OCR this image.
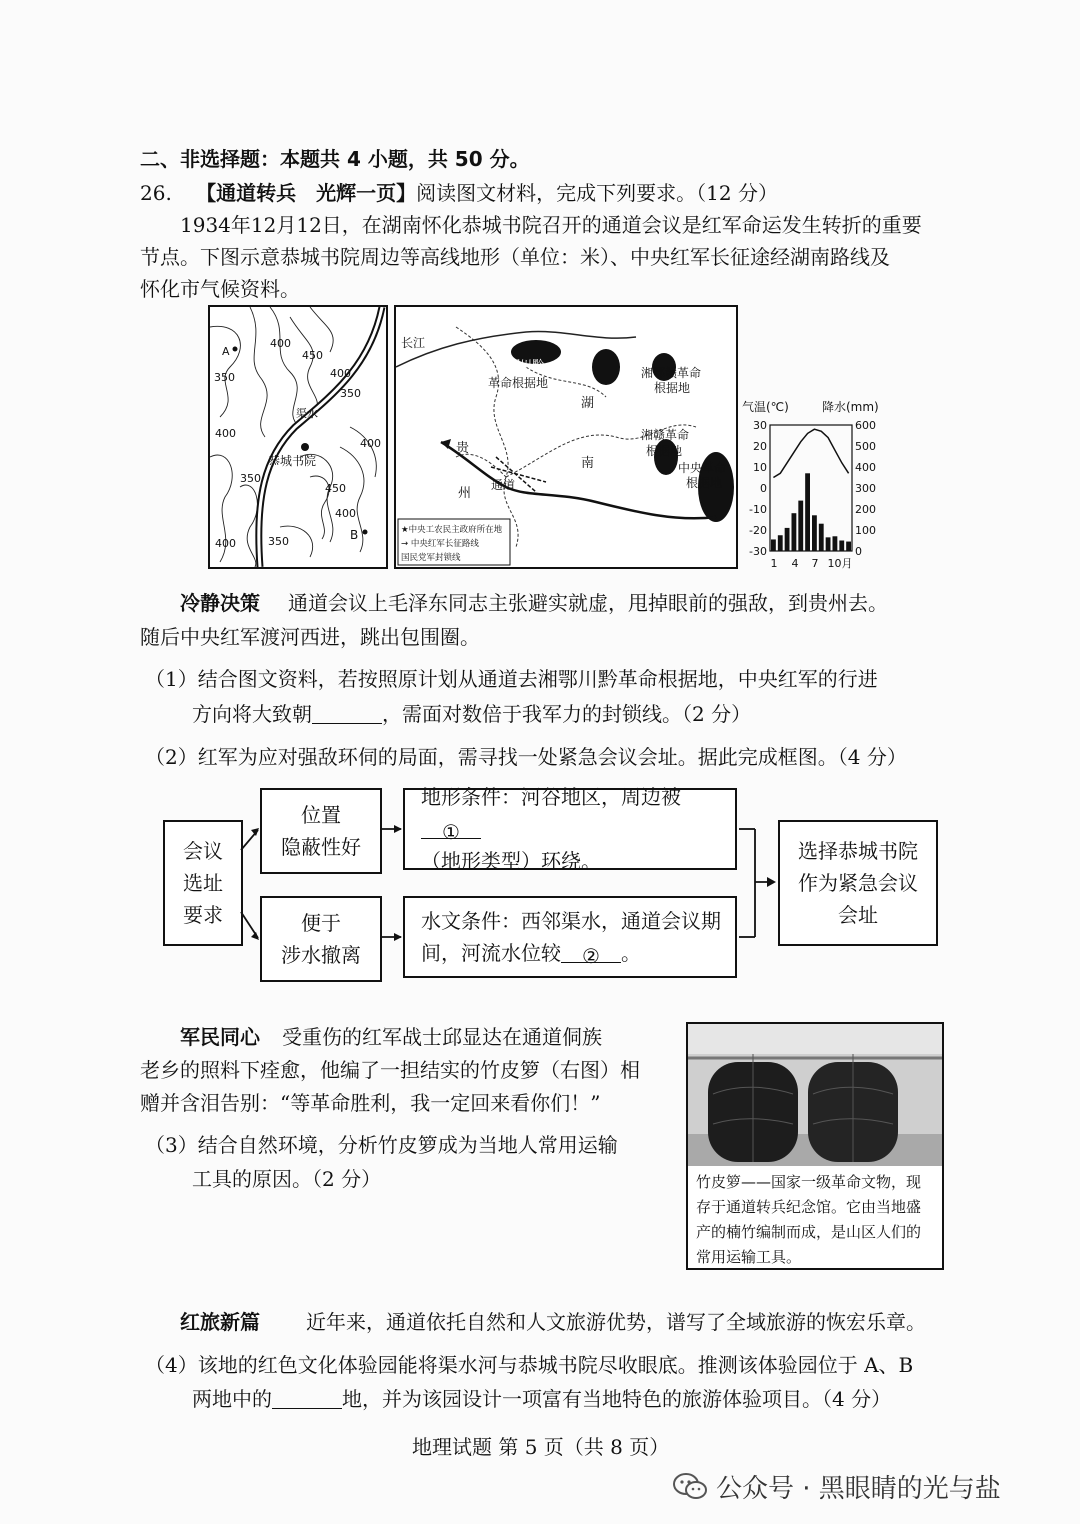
二、非选择题：本题共 4 小题，共 50 分。
26. 【通道转兵　光辉一页】阅读图文材料，完成下列要求。（12 分）
1934年12月12日，在湖南怀化恭城书院召开的通道会议是红军命运发生转折的重要
节点。下图示意恭城书院周边等高线地形（单位：米）、中央红军长征途经湖南路线及
怀化市气候资料。
A
350
400
450
400
350
400
恭城书院
400
350
450
400
B
350
400
渠水
长江
湘鄂川黔
革命根据地
湘鄂赣革命
根据地
湖
南
湘赣革命
根据地
中央革命
根据地
贵
州
通道
★中央工农民主政府所在地
→ 中央红军长征路线
国民党军封锁线
气温(℃)	降水(mm)
30
20
10
0
-10
-20
-30
600
500
400
300
200
100
0
1 4 7 10月
冷静决策 通道会议上毛泽东同志主张避实就虚，甩掉眼前的强敌，到贵州去。
随后中央红军渡河西进，跳出包围圈。
（1）结合图文资料，若按照原计划从通道去湘鄂川黔革命根据地，中央红军的行进
方向将大致朝	，需面对数倍于我军力的封锁线。（2 分）
（2）红军为应对强敌环伺的局面，需寻找一处紧急会议会址。据此完成框图。（4 分）
会议
选址
要求
位置
隐蔽性好
便于
涉水撤离
地形条件：河谷地区，周边被①
（地形类型）环绕。
水文条件：西邻渠水，通道会议期
间，河流水位较 ② 。
选择恭城书院
作为紧急会议
会址
军民同心 受重伤的红军战士邱显达在通道侗族
老乡的照料下痊愈，他编了一担结实的竹皮箩（右图）相
赠并含泪告别：“等革命胜利，我一定回来看你们！”
（3）结合自然环境，分析竹皮箩成为当地人常用运输
工具的原因。（2 分）	竹皮箩——国家一级革命文物，现存于通道转兵纪念馆。它由当地盛产的楠竹编制而成，是山区人们的常用运输工具。
红旅新篇 近年来，通道依托自然和人文旅游优势，谱写了全域旅游的恢宏乐章。
（4）该地的红色文化体验园能将渠水河与恭城书院尽收眼底。推测该体验园位于 A、B
两地中的	地，并为该园设计一项富有当地特色的旅游体验项目。（4 分）
地理试题 第 5 页（共 8 页）
公众号 · 黑眼睛的光与盐
